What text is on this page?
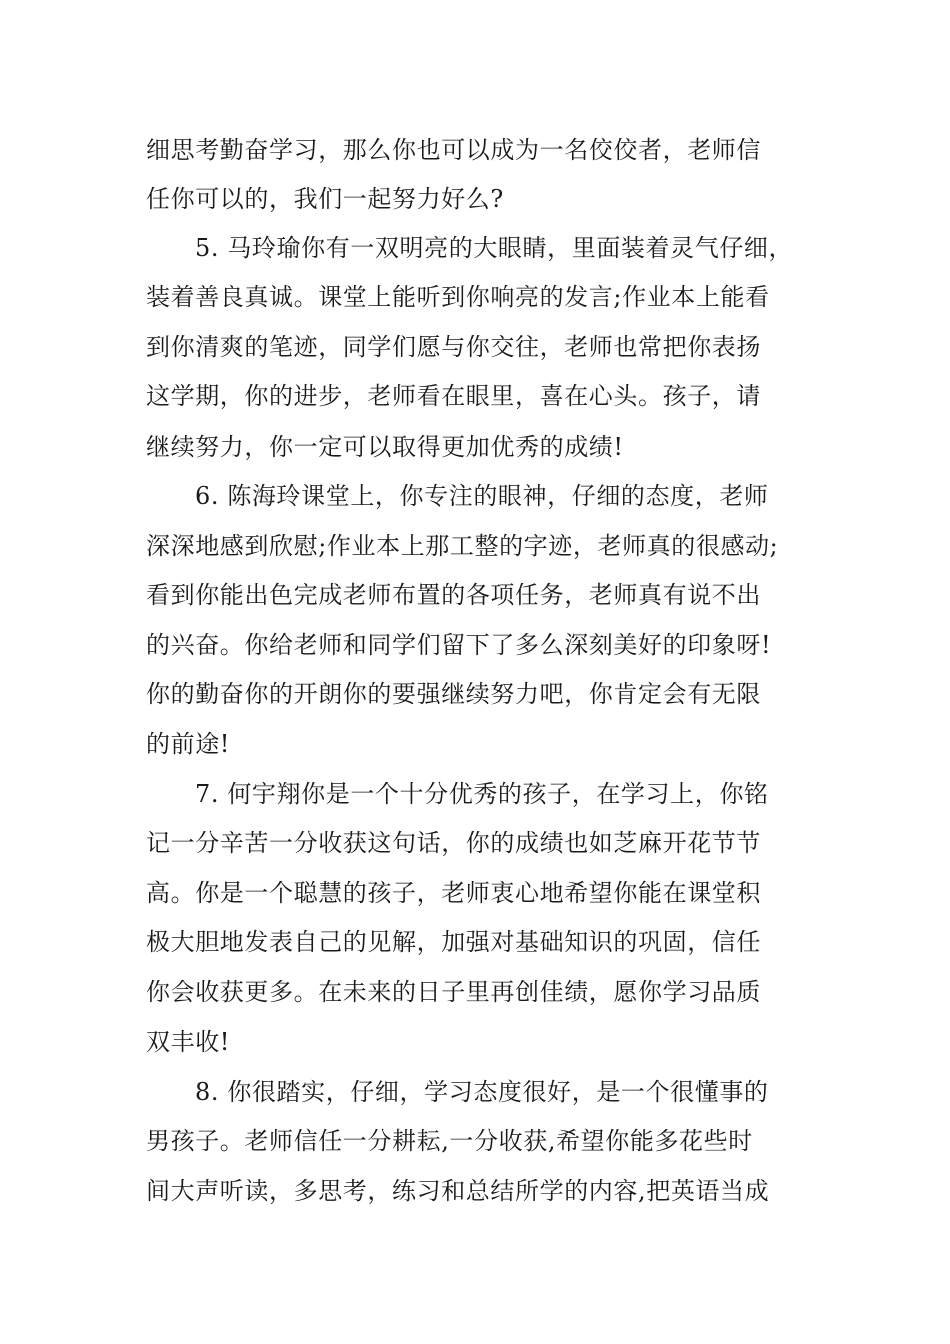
细思考勤奋学习，那么你也可以成为一名佼佼者，老师信
任你可以的，我们一起努力好么?
5. 马玲瑜你有一双明亮的大眼睛，里面装着灵气仔细，
装着善良真诚。课堂上能听到你响亮的发言;作业本上能看
到你清爽的笔迹，同学们愿与你交往，老师也常把你表扬
这学期，你的进步，老师看在眼里，喜在心头。孩子，请
继续努力，你一定可以取得更加优秀的成绩!
6. 陈海玲课堂上，你专注的眼神，仔细的态度，老师
深深地感到欣慰;作业本上那工整的字迹，老师真的很感动;
看到你能出色完成老师布置的各项任务，老师真有说不出
的兴奋。你给老师和同学们留下了多么深刻美好的印象呀!
你的勤奋你的开朗你的要强继续努力吧，你肯定会有无限
的前途!
7. 何宇翔你是一个十分优秀的孩子，在学习上，你铭
记一分辛苦一分收获这句话，你的成绩也如芝麻开花节节
高。你是一个聪慧的孩子，老师衷心地希望你能在课堂积
极大胆地发表自己的见解，加强对基础知识的巩固，信任
你会收获更多。在未来的日子里再创佳绩，愿你学习品质
双丰收!
8. 你很踏实，仔细，学习态度很好，是一个很懂事的
男孩子。老师信任一分耕耘,一分收获,希望你能多花些时
间大声听读，多思考，练习和总结所学的内容,把英语当成
